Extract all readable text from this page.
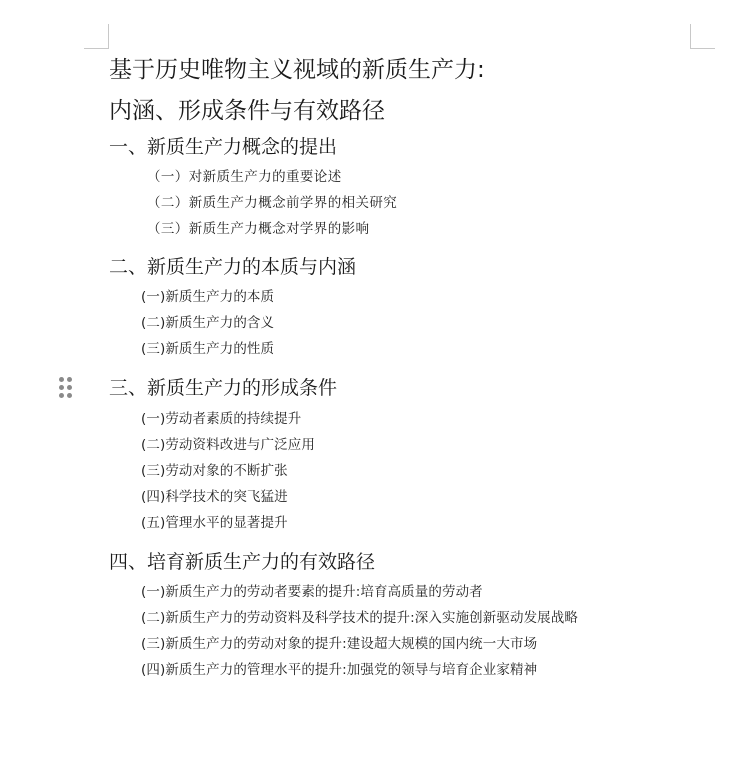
基于历史唯物主义视域的新质生产力:
内涵、形成条件与有效路径
一、新质生产力概念的提出
（一）对新质生产力的重要论述
（二）新质生产力概念前学界的相关研究
（三）新质生产力概念对学界的影响
二、新质生产力的本质与内涵
(一)新质生产力的本质
(二)新质生产力的含义
(三)新质生产力的性质
三、新质生产力的形成条件
(一)劳动者素质的持续提升
(二)劳动资料改进与广泛应用
(三)劳动对象的不断扩张
(四)科学技术的突飞猛进
(五)管理水平的显著提升
四、培育新质生产力的有效路径
(一)新质生产力的劳动者要素的提升:培育高质量的劳动者
(二)新质生产力的劳动资料及科学技术的提升:深入实施创新驱动发展战略
(三)新质生产力的劳动对象的提升:建设超大规模的国内统一大市场
(四)新质生产力的管理水平的提升:加强党的领导与培育企业家精神
